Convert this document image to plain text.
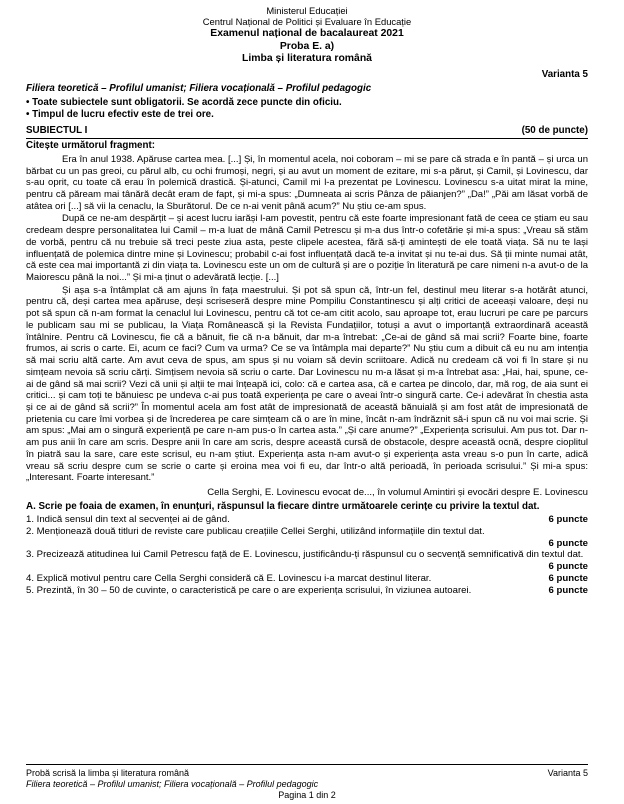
Ministerul Educației
Centrul Național de Politici și Evaluare în Educație
Examenul național de bacalaureat 2021
Proba E. a)
Limba și literatura română
Varianta 5
Filiera teoretică – Profilul umanist; Filiera vocațională – Profilul pedagogic
• Toate subiectele sunt obligatorii. Se acordă zece puncte din oficiu.
• Timpul de lucru efectiv este de trei ore.
SUBIECTUL I	(50 de puncte)
Citește următorul fragment:

Era în anul 1938. Apăruse cartea mea. [...] Și, în momentul acela, noi coboram – mi se pare că strada e în pantă – și urca un bărbat cu un pas greoi, cu părul alb, cu ochi frumoși, negri, și au avut un moment de ezitare, mi s-a părut, și Camil, și Lovinescu, dar s-au oprit, cu toate că erau în polemică drastică. Și-atunci, Camil mi l-a prezentat pe Lovinescu. Lovinescu s-a uitat mirat la mine, pentru că păream mai tânără decât eram de fapt, și mi-a spus: „Dumneata ai scris Pânza de păianjen?” „Da!” „Păi am lăsat vorbă de atâtea ori [...] să vii la cenaclu, la Sburătorul. De ce n-ai venit până acum?” Nu știu ce-am spus.

După ce ne-am despărțit – și acest lucru iarăși l-am povestit, pentru că este foarte impresionant fată de ceea ce știam eu sau credeam despre personalitatea lui Camil – m-a luat de mână Camil Petrescu și m-a dus într-o cofetărie și mi-a spus: „Vreau să stăm de vorbă, pentru că nu trebuie să treci peste ziua asta, peste clipele acestea, fără să-ți amintești de ele toată viața. Să nu te lași influențată de polemica dintre mine și Lovinescu; probabil c-ai fost influențată dacă te-a invitat și nu te-ai dus. Să ții minte numai atât, că este cea mai importantă zi din viața ta. Lovinescu este un om de cultură și are o poziție în literatură pe care nimeni n-a avut-o de la Maiorescu până la noi...” Și mi-a ținut o adevărată lecție. [...]

Și așa s-a întâmplat că am ajuns în fața maestrului. Și pot să spun că, într-un fel, destinul meu literar s-a hotărât atunci, pentru că, deși cartea mea apăruse, deși scriseseră despre mine Pompiliu Constantinescu și alți critici de aceeași valoare, deși nu pot să spun că n-am format la cenaclul lui Lovinescu, pentru că tot ce-am citit acolo, sau aproape tot, erau lucruri pe care pe parcurs le publicam sau mi se publicau, la Viața Românească și la Revista Fundațiilor, totuși a avut o importanță extraordinară această întâlnire. Pentru că Lovinescu, fie că a bănuit, fie că n-a bănuit, dar m-a întrebat: „Ce-ai de gând să mai scrii? Foarte bine, foarte frumos, ai scris o carte. Ei, acum ce faci? Cum va urma? Ce se va întâmpla mai departe?” Nu știu cum a dibuit că eu nu am intenția să mai scriu altă carte. Am avut ceva de spus, am spus și nu voiam să devin scriitoare. Adică nu credeam că voi fi în stare și nu simțeam nevoia să scriu cărți. Simțisem nevoia să scriu o carte. Dar Lovinescu nu m-a lăsat și m-a întrebat asa: „Hai, hai, spune, ce-ai de gând să mai scrii? Vezi că unii și alții te mai înțeapă ici, colo: că e cartea asa, că e cartea pe dincolo, dar, mă rog, de aia sunt ei critici... și cam toți te bănuiesc pe undeva c-ai pus toată experiența pe care o aveai într-o singură carte. Ce-i adevărat în chestia asta și ce ai de gând să scrii?” În momentul acela am fost atât de impresionată de această bănuială și am fost atât de impresionată de prietenia cu care îmi vorbea și de încrederea pe care simțeam că o are în mine, încât n-am îndrăznit să-i spun că nu voi mai scrie. Și am spus: „Mai am o singură experiență pe care n-am pus-o în cartea asta.” „Și care anume?” „Experiența scrisului. Am pus tot. Dar n-am pus anii în care am scris. Despre anii în care am scris, despre această cursă de obstacole, despre această ocnă, despre cioplitul în piatră sau la sare, care este scrisul, eu n-am știut. Experiența asta n-am avut-o și experiența asta vreau s-o pun în carte, adică vreau să scriu despre cum se scrie o carte și eroina mea voi fi eu, dar într-o altă perioadă, în perioada scrisului.” Și mi-a spus: „Interesant. Foarte interesant.”

Cella Serghi, E. Lovinescu evocat de..., în volumul Amintiri și evocări despre E. Lovinescu
A. Scrie pe foaia de examen, în enunțuri, răspunsul la fiecare dintre următoarele cerințe cu privire la textul dat.
1. Indică sensul din text al secvenței ai de gând.	6 puncte
2. Menționează două titluri de reviste care publicau creațiile Cellei Serghi, utilizând informațiile din textul dat.
6 puncte
3. Precizează atitudinea lui Camil Petrescu față de E. Lovinescu, justificându-ți răspunsul cu o secvență semnificativă din textul dat.
6 puncte
4. Explică motivul pentru care Cella Serghi consideră că E. Lovinescu i-a marcat destinul literar.	6 puncte
5. Prezintă, în 30 – 50 de cuvinte, o caracteristică pe care o are experiența scrisului, în viziunea autoarei.	6 puncte
Probă scrisă la limba și literatura română	Varianta 5
Filiera teoretică – Profilul umanist; Filiera vocațională – Profilul pedagogic
Pagina 1 din 2
